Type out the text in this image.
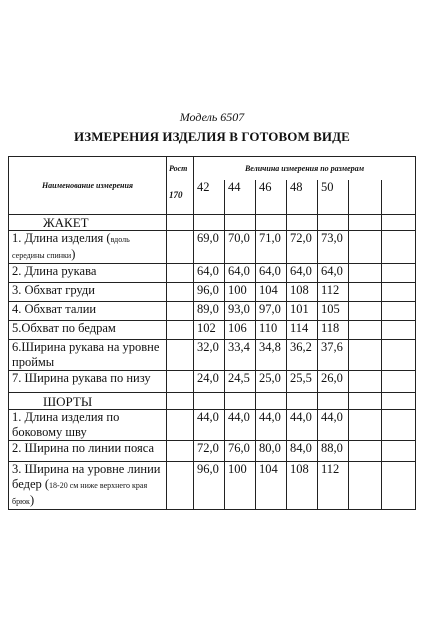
Модель 6507
ИЗМЕРЕНИЯ ИЗДЕЛИЯ В ГОТОВОМ ВИДЕ
Наименование измерения	Рост
170	Величина измерения по размерам						
		42	44	46	48	50		
ЖАКЕТ								
1. Длина изделия (вдоль середины спинки)		69,0	70,0	71,0	72,0	73,0		
2. Длина рукава		64,0	64,0	64,0	64,0	64,0		
3. Обхват груди		96,0	100	104	108	112		
4. Обхват талии		89,0	93,0	97,0	101	105		
5.Обхват по бедрам		102	106	110	114	118		
6.Ширина рукава на уровне проймы		32,0	33,4	34,8	36,2	37,6		
7. Ширина рукава по низу		24,0	24,5	25,0	25,5	26,0		
ШОРТЫ								
1. Длина изделия по боковому шву		44,0	44,0	44,0	44,0	44,0		
2. Ширина по линии пояса		72,0	76,0	80,0	84,0	88,0		
3. Ширина на уровне линии бедер (18-20 см ниже верхнего края брюк)		96,0	100	104	108	112		
